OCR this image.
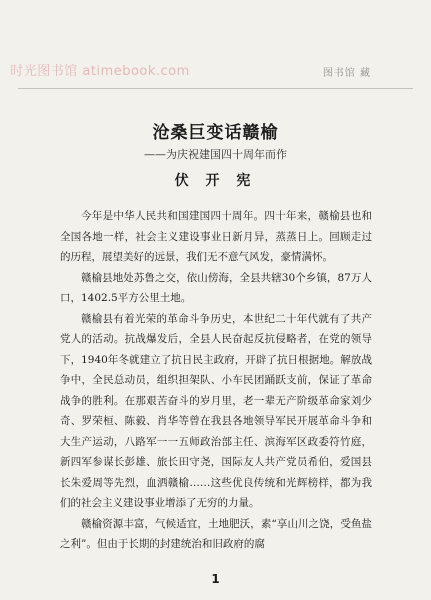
时光图书馆 atimebook.com	图书馆 藏
沧桑巨变话赣榆
——为庆祝建国四十周年而作
伏 开 宪

今年是中华人民共和国建国四十周年。四十年来，赣榆县也和全国各地一样，社会主义建设事业日新月异，蒸蒸日上。回顾走过的历程，展望美好的远景，我们无不意气风发，豪情满怀。

赣榆县地处苏鲁之交，依山傍海，全县共辖30个乡镇，87万人口，1402.5平方公里土地。

赣榆县有着光荣的革命斗争历史，本世纪二十年代就有了共产党人的活动。抗战爆发后，全县人民奋起反抗侵略者，在党的领导下，1940年冬就建立了抗日民主政府，开辟了抗日根据地。解放战争中，全民总动员，组织担架队、小车民团踊跃支前，保证了革命战争的胜利。在那艰苦奋斗的岁月里，老一辈无产阶级革命家刘少奇、罗荣桓、陈毅、肖华等曾在我县各地领导军民开展革命斗争和大生产运动，八路军一一五师政治部主任、滨海军区政委符竹庭，新四军参谋长彭雄、旅长田守尧，国际友人共产党员希伯，爱国县长朱爱周等先烈，血洒赣榆……这些优良传统和光辉榜样，都为我们的社会主义建设事业增添了无穷的力量。

赣榆资源丰富，气候适宜，土地肥沃，素“享山川之饶，受鱼盐之利”。但由于长期的封建统治和旧政府的腐

1
